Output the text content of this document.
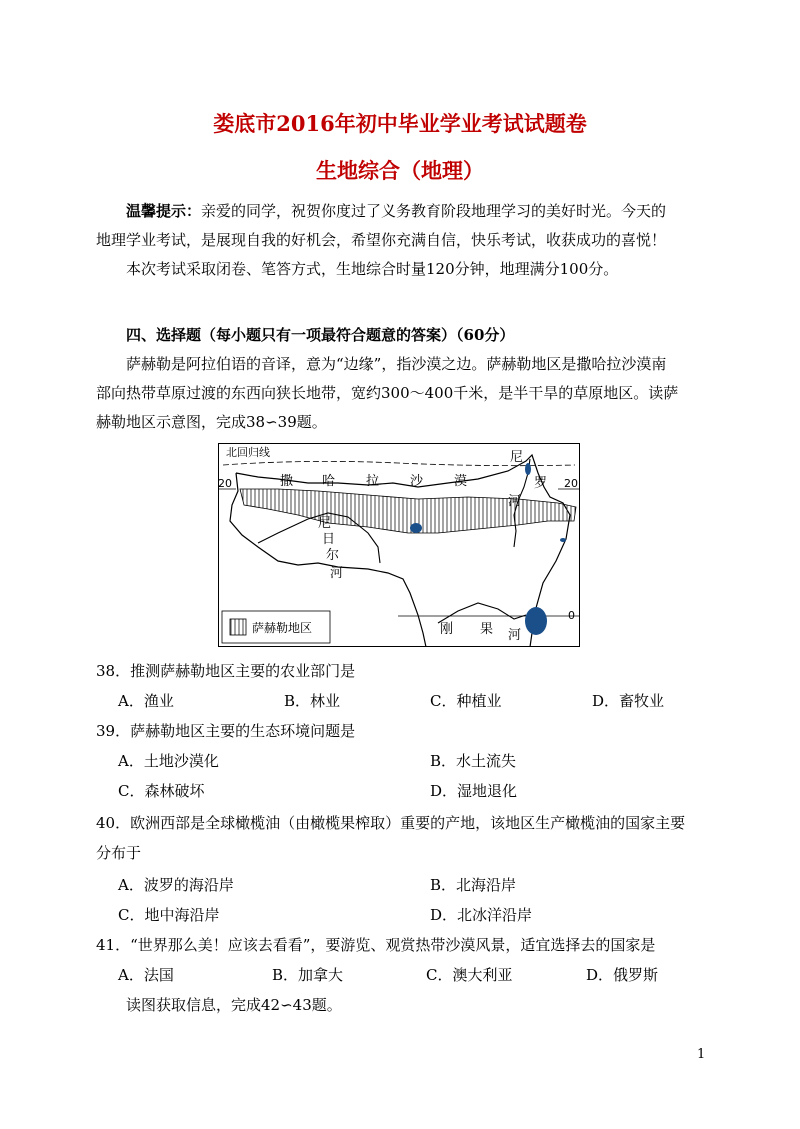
娄底市2016年初中毕业学业考试试题卷
生地综合（地理）
温馨提示：亲爱的同学，祝贺你度过了义务教育阶段地理学习的美好时光。今天的
地理学业考试，是展现自我的好机会，希望你充满自信，快乐考试，收获成功的喜悦！
本次考试采取闭卷、笔答方式，生地综合时量120分钟，地理满分100分。
四、选择题（每小题只有一项最符合题意的答案）（60分）
萨赫勒是阿拉伯语的音译，意为“边缘”，指沙漠之边。萨赫勒地区是撒哈拉沙漠南
部向热带草原过渡的东西向狭长地带，宽约300～400千米，是半干旱的草原地区。读萨
赫勒地区示意图，完成38∽39题。
北回归线
20	20
0
撒 哈 拉 沙 漠
尼
罗
河
尼
日
尔
河
刚 果 河
萨赫勒地区
38．推测萨赫勒地区主要的农业部门是
A．渔业	B．林业	C．种植业	D．畜牧业
39．萨赫勒地区主要的生态环境问题是
A．土地沙漠化	B．水土流失
C．森林破坏	D．湿地退化
40．欧洲西部是全球橄榄油（由橄榄果榨取）重要的产地，该地区生产橄榄油的国家主要
分布于
A．波罗的海沿岸	B．北海沿岸
C．地中海沿岸	D．北冰洋沿岸
41．“世界那么美！应该去看看”，要游览、观赏热带沙漠风景，适宜选择去的国家是
A．法国	B．加拿大	C．澳大利亚	D．俄罗斯
读图获取信息，完成42∽43题。
1
